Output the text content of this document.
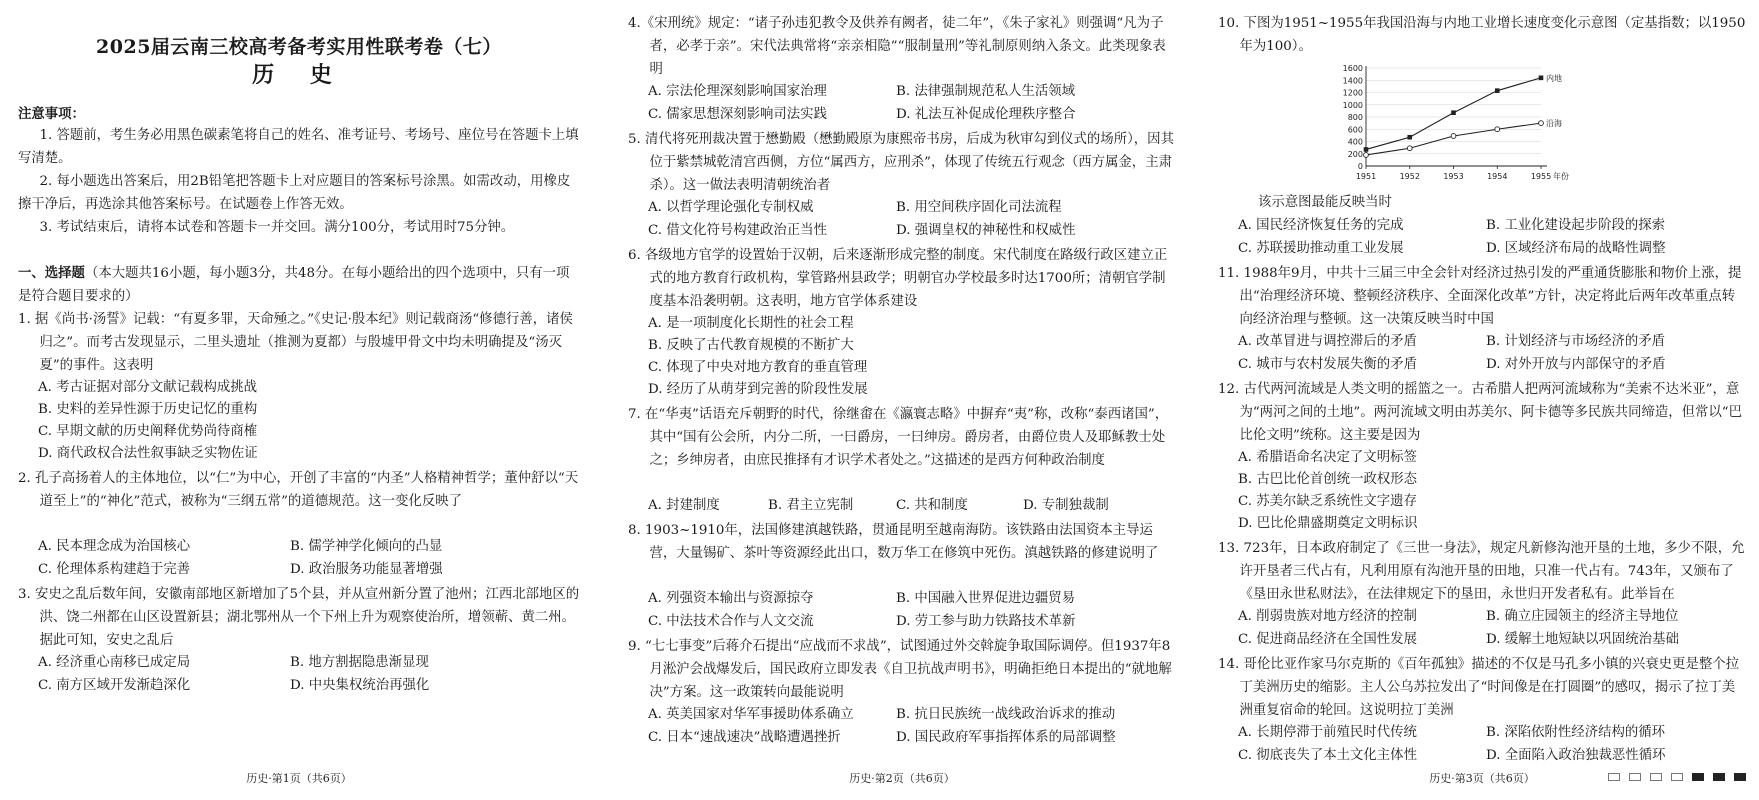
2025届云南三校高考备考实用性联考卷（七）
历 史

注意事项：

1. 答题前，考生务必用黑色碳素笔将自己的姓名、准考证号、考场号、座位号在答题卡上填写清楚。

2. 每小题选出答案后，用2B铅笔把答题卡上对应题目的答案标号涂黑。如需改动，用橡皮擦干净后，再选涂其他答案标号。在试题卷上作答无效。

3. 考试结束后，请将本试卷和答题卡一并交回。满分100分，考试用时75分钟。

一、选择题（本大题共16小题，每小题3分，共48分。在每小题给出的四个选项中，只有一项是符合题目要求的）

1. 据《尚书·汤誓》记载：“有夏多罪，天命殛之。”《史记·殷本纪》则记载商汤“修德行善，诸侯归之”。而考古发现显示，二里头遗址（推测为夏都）与殷墟甲骨文中均未明确提及“汤灭夏”的事件。这表明

A. 考古证据对部分文献记载构成挑战
B. 史料的差异性源于历史记忆的重构
C. 早期文献的历史阐释优势尚待商榷
D. 商代政权合法性叙事缺乏实物佐证

2. 孔子高扬着人的主体地位，以“仁”为中心，开创了丰富的“内圣”人格精神哲学；董仲舒以“天道至上”的“神化”范式，被称为“三纲五常”的道德规范。这一变化反映了

A. 民本理念成为治国核心	B. 儒学神学化倾向的凸显
C. 伦理体系构建趋于完善	D. 政治服务功能显著增强

3. 安史之乱后数年间，安徽南部地区新增加了5个县，并从宣州新分置了池州；江西北部地区的洪、饶二州都在山区设置新县；湖北鄂州从一个下州上升为观察使治所，增领蕲、黄二州。据此可知，安史之乱后

A. 经济重心南移已成定局	B. 地方割据隐患渐显现
C. 南方区域开发渐趋深化	D. 中央集权统治再强化
历史·第1页（共6页）

4.《宋刑统》规定：“诸子孙违犯教令及供养有阙者，徒二年”，《朱子家礼》则强调“凡为子者，必孝于亲”。宋代法典常将“亲亲相隐”“服制量刑”等礼制原则纳入条文。此类现象表明

A. 宗法伦理深刻影响国家治理	B. 法律强制规范私人生活领域
C. 儒家思想深刻影响司法实践	D. 礼法互补促成伦理秩序整合

5. 清代将死刑裁决置于懋勤殿（懋勤殿原为康熙帝书房，后成为秋审勾到仪式的场所），因其位于紫禁城乾清宫西侧，方位“属西方，应刑杀”，体现了传统五行观念（西方属金，主肃杀）。这一做法表明清朝统治者

A. 以哲学理论强化专制权威	B. 用空间秩序固化司法流程
C. 借文化符号构建政治正当性	D. 强调皇权的神秘性和权威性

6. 各级地方官学的设置始于汉朝，后来逐渐形成完整的制度。宋代制度在路级行政区建立正式的地方教育行政机构，掌管路州县政学；明朝官办学校最多时达1700所；清朝官学制度基本沿袭明朝。这表明，地方官学体系建设

A. 是一项制度化长期性的社会工程
B. 反映了古代教育规模的不断扩大
C. 体现了中央对地方教育的垂直管理
D. 经历了从萌芽到完善的阶段性发展

7. 在“华夷”话语充斥朝野的时代，徐继畬在《瀛寰志略》中摒弃“夷”称，改称“泰西诸国”，其中“国有公会所，内分二所，一曰爵房，一曰绅房。爵房者，由爵位贵人及耶稣教士处之；乡绅房者，由庶民推择有才识学术者处之。”这描述的是西方何种政治制度

A. 封建制度	B. 君主立宪制	C. 共和制度	D. 专制独裁制

8. 1903~1910年，法国修建滇越铁路，贯通昆明至越南海防。该铁路由法国资本主导运营，大量锡矿、茶叶等资源经此出口，数万华工在修筑中死伤。滇越铁路的修建说明了

A. 列强资本输出与资源掠夺	B. 中国融入世界促进边疆贸易
C. 中法技术合作与人文交流	D. 劳工参与助力铁路技术革新

9. “七七事变”后蒋介石提出“应战而不求战”，试图通过外交斡旋争取国际调停。但1937年8月淞沪会战爆发后，国民政府立即发表《自卫抗战声明书》，明确拒绝日本提出的“就地解决”方案。这一政策转向最能说明

A. 英美国家对华军事援助体系确立	B. 抗日民族统一战线政治诉求的推动
C. 日本“速战速决”战略遭遇挫折	D. 国民政府军事指挥体系的局部调整
历史·第2页（共6页）

10. 下图为1951~1955年我国沿海与内地工业增长速度变化示意图（定基指数；以1950年为100）。

0
200
400
600
800
1000
1200
1400
1600
1951	1952	1953	1954	1955 年份
内地
沿海
该示意图最能反映当时
A. 国民经济恢复任务的完成	B. 工业化建设起步阶段的探索
C. 苏联援助推动重工业发展	D. 区域经济布局的战略性调整

11. 1988年9月，中共十三届三中全会针对经济过热引发的严重通货膨胀和物价上涨，提出“治理经济环境、整顿经济秩序、全面深化改革”方针，决定将此后两年改革重点转向经济治理与整顿。这一决策反映当时中国

A. 改革冒进与调控滞后的矛盾	B. 计划经济与市场经济的矛盾
C. 城市与农村发展失衡的矛盾	D. 对外开放与内部保守的矛盾

12. 古代两河流域是人类文明的摇篮之一。古希腊人把两河流域称为“美索不达米亚”，意为“两河之间的土地”。两河流域文明由苏美尔、阿卡德等多民族共同缔造，但常以“巴比伦文明”统称。这主要是因为

A. 希腊语命名决定了文明标签
B. 古巴比伦首创统一政权形态
C. 苏美尔缺乏系统性文字遗存
D. 巴比伦鼎盛期奠定文明标识

13. 723年，日本政府制定了《三世一身法》，规定凡新修沟池开垦的土地，多少不限，允许开垦者三代占有，凡利用原有沟池开垦的田地，只准一代占有。743年，又颁布了《垦田永世私财法》，在法律规定下的垦田，永世归开发者私有。此举旨在

A. 削弱贵族对地方经济的控制	B. 确立庄园领主的经济主导地位
C. 促进商品经济在全国性发展	D. 缓解土地短缺以巩固统治基础

14. 哥伦比亚作家马尔克斯的《百年孤独》描述的不仅是马孔多小镇的兴衰史更是整个拉丁美洲历史的缩影。主人公乌苏拉发出了“时间像是在打圆圈”的感叹，揭示了拉丁美洲重复宿命的轮回。这说明拉丁美洲

A. 长期停滞于前殖民时代传统	B. 深陷依附性经济结构的循环
C. 彻底丧失了本土文化主体性	D. 全面陷入政治独裁恶性循环
历史·第3页（共6页）
